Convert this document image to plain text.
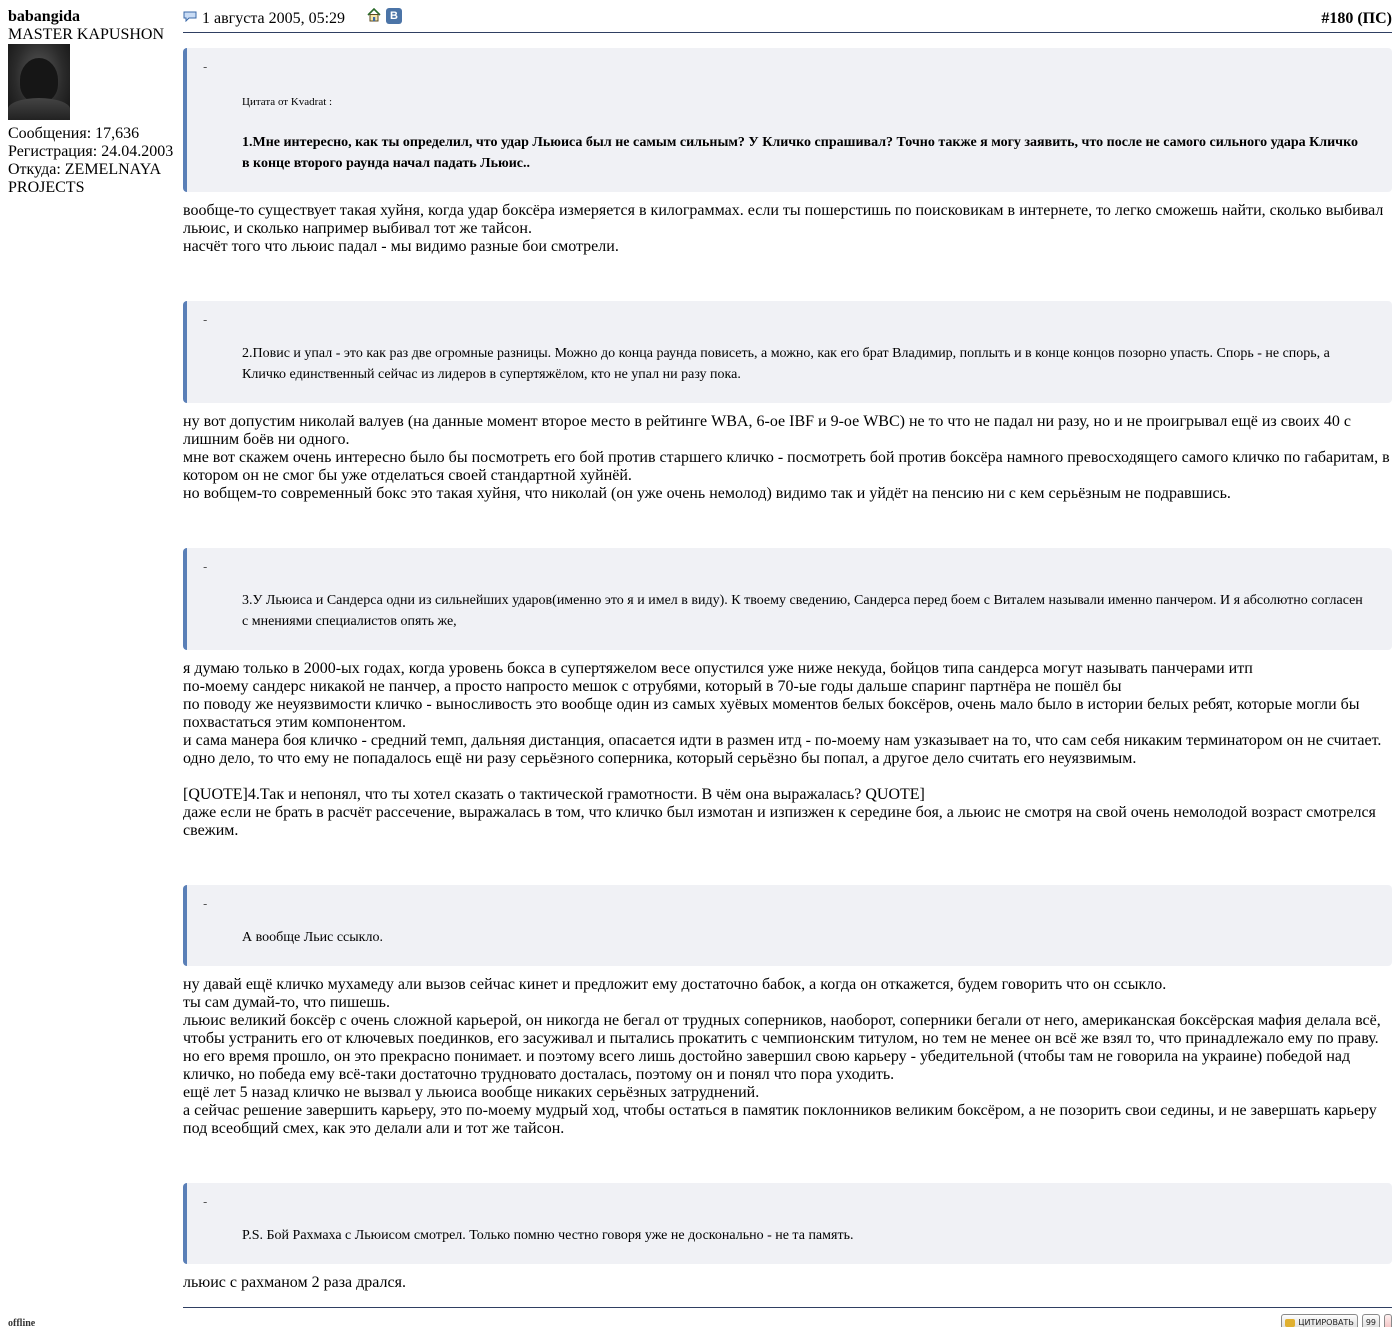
babangida
MASTER KAPUSHON
Сообщения: 17,636
Регистрация: 24.04.2003
Откуда: ZEMELNAYA PROJECTS
offline
1 августа 2005, 05:29	В	#180 (ПС)
-
Цитата от Kvadrat :
1.Мне интересно, как ты определил, что удар Льюиса был не самым сильным? У Кличко спрашивал? Точно также я могу заявить, что после не самого сильного удара Кличко в конце второго раунда начал падать Льюис..
вообще-то существует такая хуйня, когда удар боксёра измеряется в килограммах. если ты пошерстишь по поисковикам в интернете, то легко сможешь найти, сколько выбивал льюис, и сколько например выбивал тот же тайсон.
насчёт того что льюис падал - мы видимо разные бои смотрели.
-
2.Повис и упал - это как раз две огромные разницы. Можно до конца раунда повисеть, а можно, как его брат Владимир, поплыть и в конце концов позорно упасть. Спорь - не спорь, а Кличко единственный сейчас из лидеров в супертяжёлом, кто не упал ни разу пока.
ну вот допустим николай валуев (на данные момент второе место в рейтинге WBA, 6-ое IBF и 9-ое WBC) не то что не падал ни разу, но и не проигрывал ещё из своих 40 с лишним боёв ни одного.
мне вот скажем очень интересно было бы посмотреть его бой против старшего кличко - посмотреть бой против боксёра намного превосходящего самого кличко по габаритам, в котором он не смог бы уже отделаться своей стандартной хуйнёй.
но вобщем-то современный бокс это такая хуйня, что николай (он уже очень немолод) видимо так и уйдёт на пенсию ни с кем серьёзным не подравшись.
-
3.У Льюиса и Сандерса одни из сильнейших ударов(именно это я и имел в виду). К твоему сведению, Сандерса перед боем с Виталем называли именно панчером. И я абсолютно согласен с мнениями специалистов опять же,
я думаю только в 2000-ых годах, когда уровень бокса в супертяжелом весе опустился уже ниже некуда, бойцов типа сандерса могут называть панчерами итп
по-моему сандерс никакой не панчер, а просто напросто мешок с отрубями, который в 70-ые годы дальше спаринг партнёра не пошёл бы
по поводу же неуязвимости кличко - выносливость это вообще один из самых хуёвых моментов белых боксёров, очень мало было в истории белых ребят, которые могли бы похвастаться этим компонентом.
и сама манера боя кличко - средний темп, дальняя дистанция, опасается идти в размен итд - по-моему нам узказывает на то, что сам себя никаким терминатором он не считает.
одно дело, то что ему не попадалось ещё ни разу серьёзного соперника, который серьёзно бы попал, а другое дело считать его неуязвимым.
[QUOTE]4.Так и непонял, что ты хотел сказать о тактической грамотности. В чём она выражалась? QUOTE]
даже если не брать в расчёт рассечение, выражалась в том, что кличко был измотан и изпизжен к середине боя, а льюис не смотря на свой очень немолодой возраст смотрелся свежим.
-
А вообще Льис ссыкло.
ну давай ещё кличко мухамеду али вызов сейчас кинет и предложит ему достаточно бабок, а когда он откажется, будем говорить что он ссыкло.
ты сам думай-то, что пишешь.
льюис великий боксёр с очень сложной карьерой, он никогда не бегал от трудных соперников, наоборот, соперники бегали от него, американская боксёрская мафия делала всё, чтобы устранить его от ключевых поединков, его засуживал и пытались прокатить с чемпионским титулом, но тем не менее он всё же взял то, что принадлежало ему по праву.
но его время прошло, он это прекрасно понимает. и поэтому всего лишь достойно завершил свою карьеру - убедительной (чтобы там не говорила на украине) победой над кличко, но победа ему всё-таки достаточно трудновато досталась, поэтому он и понял что пора уходить.
ещё лет 5 назад кличко не вызвал у льюиса вообще никаких серьёзных затруднений.
а сейчас решение завершить карьеру, это по-моему мудрый ход, чтобы остаться в памятик поклонников великим боксёром, а не позорить свои седины, и не завершать карьеру под всеобщий смех, как это делали али и тот же тайсон.
-
P.S. Бой Рахмаха с Льюисом смотрел. Только помню честно говоря уже не досконально - не та память.
льюис с рахманом 2 раза дрался.
ЦИТИРОВАТЬ 99
